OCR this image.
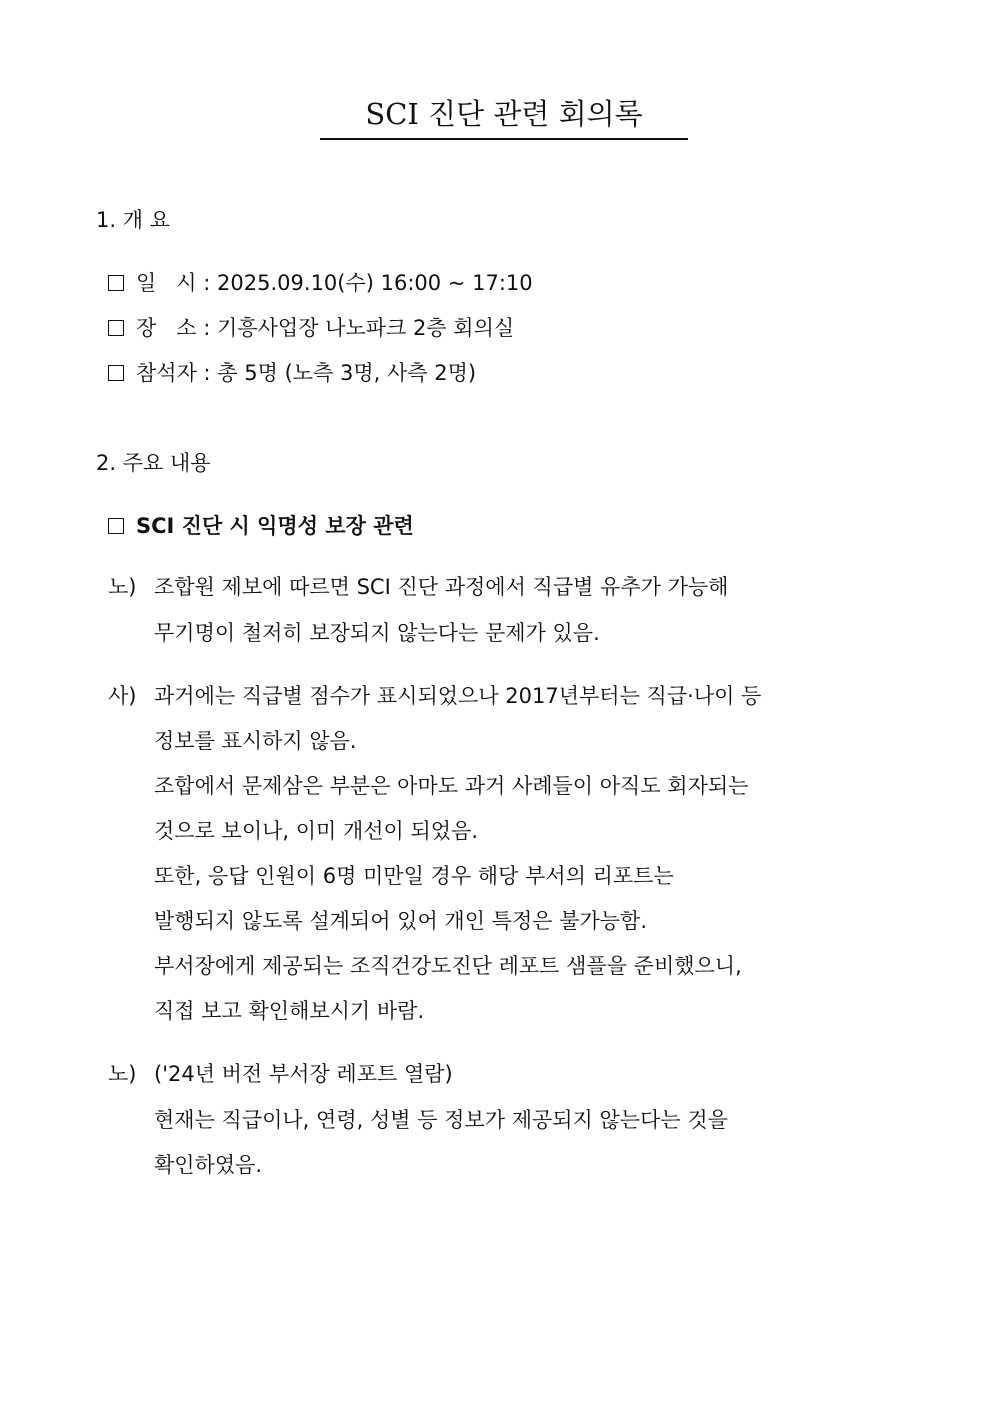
SCI 진단 관련 회의록
1. 개 요
일   시 : 2025.09.10(수) 16:00 ~ 17:10
장   소 : 기흥사업장 나노파크 2층 회의실
참석자 : 총 5명 (노측 3명, 사측 2명)
2. 주요 내용
SCI 진단 시 익명성 보장 관련
노) 조합원 제보에 따르면 SCI 진단 과정에서 직급별 유추가 가능해
무기명이 철저히 보장되지 않는다는 문제가 있음.
사) 과거에는 직급별 점수가 표시되었으나 2017년부터는 직급·나이 등
정보를 표시하지 않음.
조합에서 문제삼은 부분은 아마도 과거 사례들이 아직도 회자되는
것으로 보이나, 이미 개선이 되었음.
또한, 응답 인원이 6명 미만일 경우 해당 부서의 리포트는
발행되지 않도록 설계되어 있어 개인 특정은 불가능함.
부서장에게 제공되는 조직건강도진단 레포트 샘플을 준비했으니,
직접 보고 확인해보시기 바람.
노) ('24년 버전 부서장 레포트 열람)
현재는 직급이나, 연령, 성별 등 정보가 제공되지 않는다는 것을
확인하였음.
